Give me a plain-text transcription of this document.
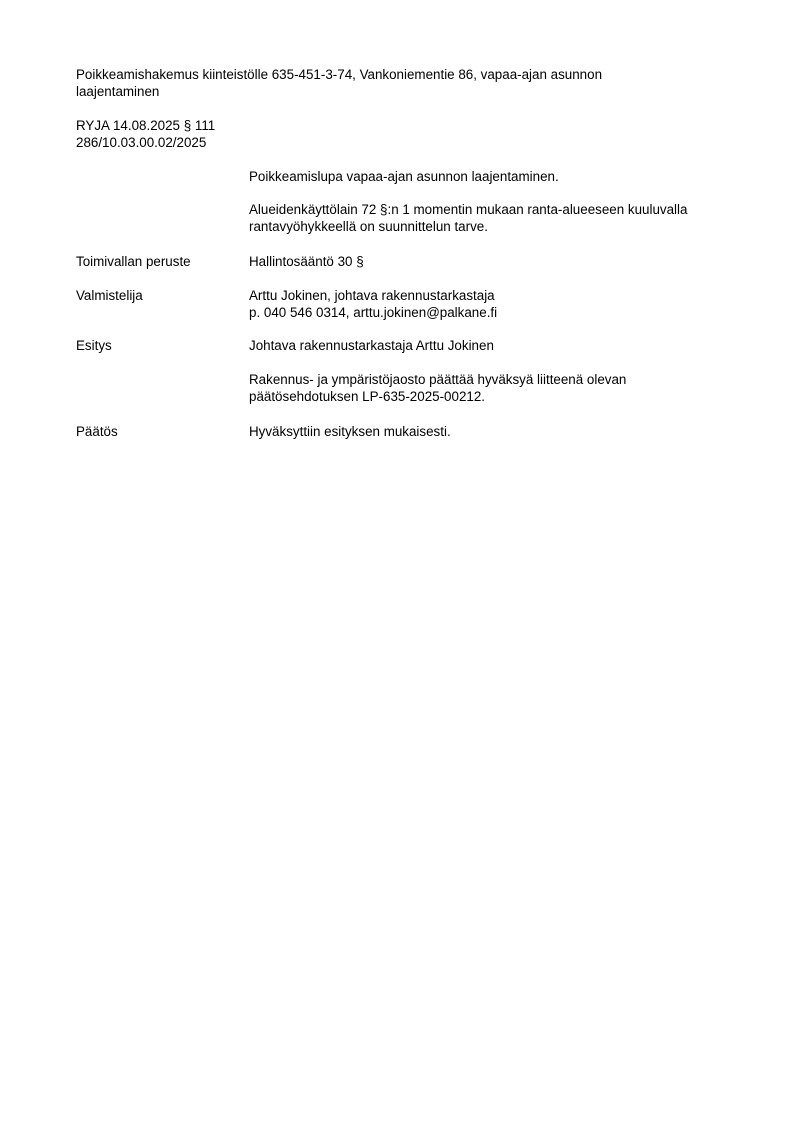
Poikkeamishakemus kiinteistölle 635-451-3-74, Vankoniementie 86, vapaa-ajan asunnon
laajentaminen
RYJA 14.08.2025 § 111
286/10.03.00.02/2025
Poikkeamislupa vapaa-ajan asunnon laajentaminen.
Alueidenkäyttölain 72 §:n 1 momentin mukaan ranta-alueeseen kuuluvalla
rantavyöhykkeellä on suunnittelun tarve.
Toimivallan peruste	Hallintosääntö 30 §
Valmistelija	Arttu Jokinen, johtava rakennustarkastaja
p. 040 546 0314, arttu.jokinen@palkane.fi
Esitys	Johtava rakennustarkastaja Arttu Jokinen
Rakennus- ja ympäristöjaosto päättää hyväksyä liitteenä olevan
päätösehdotuksen LP-635-2025-00212.
Päätös	Hyväksyttiin esityksen mukaisesti.
